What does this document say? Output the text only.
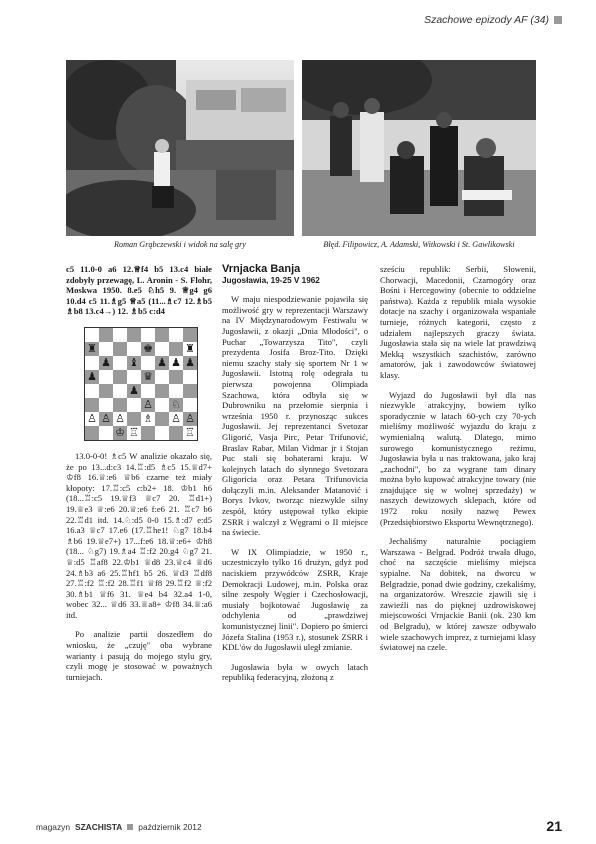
Szachowe epizody AF (34)
Roman Grąbczewski i widok na salę gry	Błęd. Filipowicz, A. Adamski, Witkowski i St. Gawlikowski

c5 11.0-0 a6 12.♕f4 b5 13.c4 białe zdobyły przewagę, L. Aronin - S. Flohr, Moskwa 1950. 8.e5 ♘h5 9. ♕g4 g6 10.d4 c5 11.♗g5 ♕a5 (11...♗c7 12.♗b5 ♗b8 13.c4→) 12. ♗b5 c:d4

♜	♚	♜
♟ ♝ ♟ ♟ ♟
♟	♛
♟
♙ ♘
♙ ♙ ♙ ♗ ♙ ♙
♔ ♖	♖

13.0-0-0! ♗c5 W analizie okazało się, że po 13...d:c3 14.♖:d5 ♗c5 15.♕d7+ ♔f8 16.♕:e6 ♕b6 czarne też miały kłopoty: 17.♖:c5 c:b2+ 18. ♔b1 h6 (18...♖:c5 19.♕f3 ♕c7 20. ♖d1+) 19.♕e3 ♕:e6 20.♕:e6 f:e6 21. ♖c7 b6 22.♖d1 itd. 14.♘:d5 0-0 15.♗:d7 e:d5 16.a3 ♕c7 17.e6 (17.♖he1! ♘g7 18.b4 ♗b6 19.♕e7+) 17...f:e6 18.♕:e6+ ♔h8 (18... ♘g7) 19.♗a4 ♖:f2 20.g4 ♘g7 21. ♕:d5 ♖af8 22.♔b1 ♕d8 23.♕c4 ♕d6 24.♗b3 a6 25.♖hf1 b5 26. ♕d3 ♖df8 27.♖:f2 ♖:f2 28.♖f1 ♕f8 29.♖f2 ♕:f2 30.♗b1 ♕f6 31. ♕e4 b4 32.a4 1-0, wobec 32... ♕d6 33.♕a8+ ♔f8 34.♕:a6 itd.

Po analizie partii doszedłem do wniosku, że „czuję" oba wybrane warianty i pasują do mojego stylu gry, czyli mogę je stosować w poważnych turniejach.

Vrnjacka Banja
Jugosławia, 19-25 V 1962

W maju niespodziewanie pojawiła się możliwość gry w reprezentacji Warszawy na IV Międzynarodowym Festiwalu w Jugosławii, z okazji „Dnia Młodości", o Puchar „Towarzysza Tito", czyli prezydenta Josifa Broz-Tito. Dzięki niemu szachy stały się sportem Nr 1 w Jugosławii. Istotną rolę odegrała tu pierwsza powojenna Olimpiada Szachowa, która odbyła się w Dubrowniku na przełomie sierpnia i września 1950 r. przynosząc sukces Jugosławii. Jej reprezentanci Svetozar Gligorić, Vasja Pirc, Petar Trifunović, Braslav Rabar, Milan Vidmar jr i Stojan Puc stali się bohaterami kraju. W kolejnych latach do słynnego Svetozara Gligoricia oraz Petara Trifunovicia dołączyli m.in. Aleksander Matanović i Borys Ivkov, tworząc niezwykle silny zespół, który ustępował tylko ekipie ZSRR i walczył z Węgrami o II miejsce na świecie.

W IX Olimpiadzie, w 1950 r., uczestniczyło tylko 16 drużyn, gdyż pod naciskiem przywódców ZSRR, Kraje Demokracji Ludowej, m.in. Polska oraz silne zespoły Węgier i Czechosłowacji, musiały bojkotować Jugosławię za odchylenia od „prawdziwej komunistycznej linii". Dopiero po śmierci Józefa Stalina (1953 r.), stosunek ZSRR i KDL'ów do Jugosławii uległ zmianie.

Jugosławia była w owych latach republiką federacyjną, złożoną z

sześciu republik: Serbii, Słowenii, Chorwacji, Macedonii, Czarnogóry oraz Bośni i Hercegowiny (obecnie to oddzielne państwa). Każda z republik miała wysokie dotacje na szachy i organizowała wspaniałe turnieje, różnych kategorii, często z udziałem najlepszych graczy świata. Jugosławia stała się na wiele lat prawdziwą Mekką wszystkich szachistów, zarówno amatorów, jak i zawodowców światowej klasy.

Wyjazd do Jugosławii był dla nas niezwykle atrakcyjny, bowiem tylko sporadycznie w latach 60-ych czy 70-ych mieliśmy możliwość wyjazdu do kraju z wymienialną walutą. Dlatego, mimo surowego komunistycznego reżimu, Jugosławia była u nas traktowana, jako kraj „zachodni", bo za wygrane tam dinary można było kupować atrakcyjne towary (nie znajdujące się w wolnej sprzedaży) w naszych dewizowych sklepach, które od 1972 roku nosiły nazwę Pewex (Przedsiębiorstwo Eksportu Wewnętrznego).

Jechaliśmy naturalnie pociągiem Warszawa - Belgrad. Podróż trwała długo, choć na szczęście mieliśmy miejsca sypialne. Na dobitek, na dworcu w Belgradzie, ponad dwie godziny, czekaliśmy, na organizatorów. Wreszcie zjawili się i zawieźli nas do pięknej uzdrowiskowej miejscowości Vrnjackie Banii (ok. 230 km od Belgradu), w której zawsze odbywało wiele szachowych imprez, z turniejami klasy światowej na czele.

magazyn SZACHISTA październik 2012	21
